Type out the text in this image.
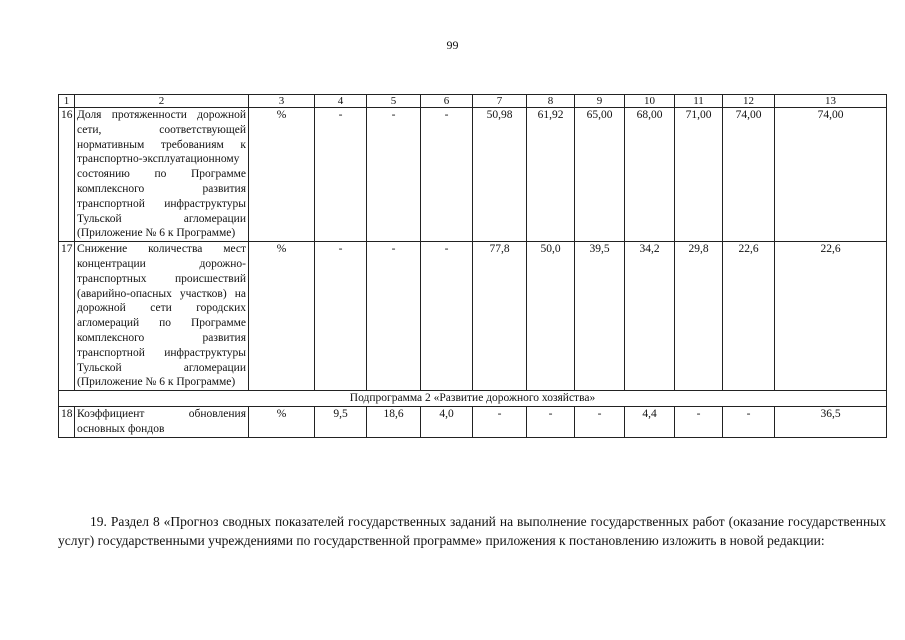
99
1	2	3	4	5	6	7	8	9	10	11	12	13
16	Доля протяженности дорожной сети, соответствующей нормативным требованиям к транспортно-эксплуатационному состоянию по Программе комплексного развития транспортной инфраструктуры Тульской агломерации (Приложение № 6 к Программе)	%	-	-	-	50,98	61,92	65,00	68,00	71,00	74,00	74,00
17	Снижение количества мест концентрации дорожно-транспортных происшествий (аварийно-опасных участков) на дорожной сети городских агломераций по Программе комплексного развития транспортной инфраструктуры Тульской агломерации (Приложение № 6 к Программе)	%	-	-	-	77,8	50,0	39,5	34,2	29,8	22,6	22,6
Подпрограмма 2 «Развитие дорожного хозяйства»												
18	Коэффициент обновления основных фондов	%	9,5	18,6	4,0	-	-	-	4,4	-	-	36,5

19. Раздел 8 «Прогноз сводных показателей государственных заданий на выполнение государственных работ (оказание государственных услуг) государственными учреждениями по государственной программе» приложения к постановлению изложить в новой редакции:
